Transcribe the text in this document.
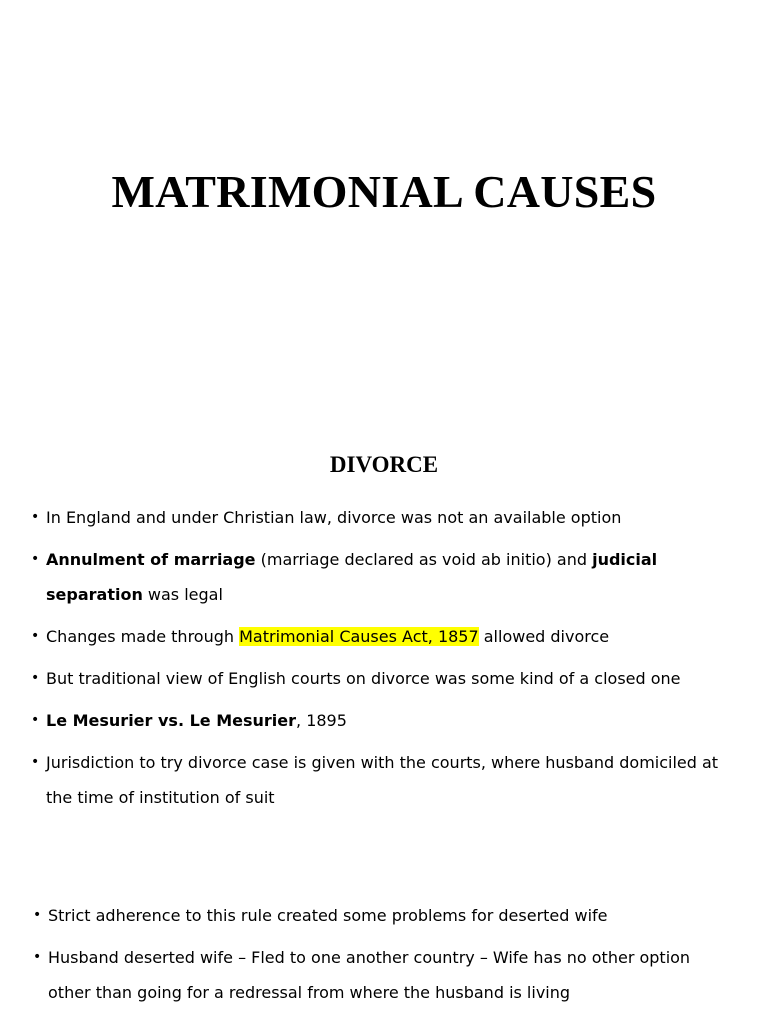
MATRIMONIAL CAUSES
DIVORCE
• In England and under Christian law, divorce was not an available option
• Annulment of marriage (marriage declared as void ab initio) and judicial separation was legal
• Changes made through Matrimonial Causes Act, 1857 allowed divorce
• But traditional view of English courts on divorce was some kind of a closed one
• Le Mesurier vs. Le Mesurier, 1895
• Jurisdiction to try divorce case is given with the courts, where husband domiciled at the time of institution of suit
• Strict adherence to this rule created some problems for deserted wife
• Husband deserted wife – Fled to one another country – Wife has no other option other than going for a redressal from where the husband is living
